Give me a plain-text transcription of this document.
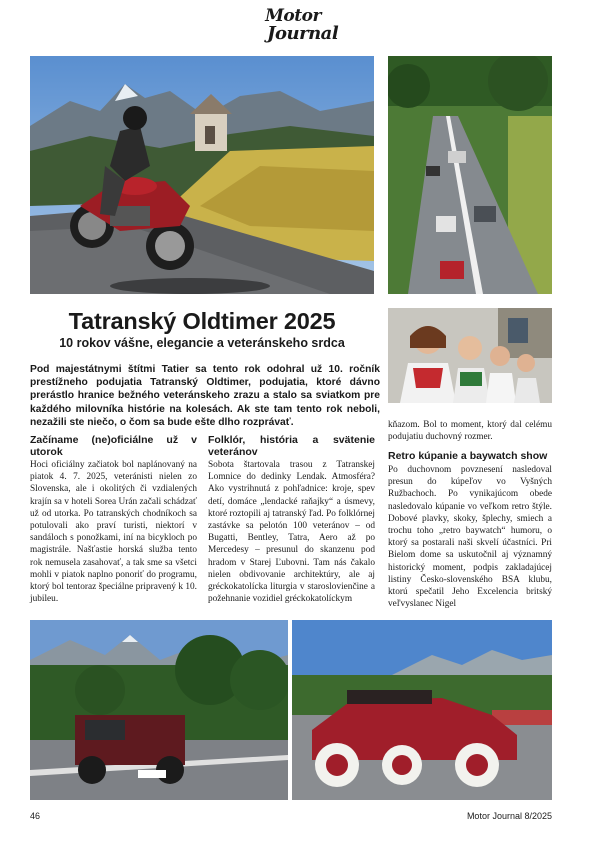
Motor
Journal
Tatranský Oldtimer 2025
10 rokov vášne, elegancie a veteránskeho srdca
Pod majestátnymi štítmi Tatier sa tento rok odohral už 10. ročník prestížneho podujatia Tatranský Oldtimer, podujatia, ktoré dávno prerástlo hranice bežného veteránskeho zrazu a stalo sa sviatkom pre každého milovníka histórie na kolesách. Ak ste tam tento rok neboli, nezažili ste niečo, o čom sa bude ešte dlho rozprávať.
Začíname (ne)oficiálne už v utorok

Hoci oficiálny začiatok bol naplánovaný na piatok 4. 7. 2025, veteránisti nielen zo Slovenska, ale i okolitých či vzdialených krajín sa v hoteli Sorea Urán začali schádzať už od utorka. Po tatranských chodníkoch sa potulovali ako praví turisti, niektorí v sandáloch s ponožkami, iní na bicykloch po magistrále. Našťastie horská služba tento rok nemusela zasahovať, a tak sme sa všetci mohli v piatok naplno ponoriť do programu, ktorý bol tentoraz špeciálne pripravený k 10. jubileu.

Folklór, história a svätenie veteránov

Sobota štartovala trasou z Tatranskej Lomnice do dedinky Lendak. Atmosféra? Ako vystrihnutá z pohľadnice: kroje, spev detí, domáce „lendacké raňajky“ a úsmevy, ktoré roztopili aj tatranský ľad. Po folklórnej zastávke sa pelotón 100 veteránov – od Bugatti, Bentley, Tatra, Aero až po Mercedesy – presunul do skanzenu pod hradom v Starej Ľubovni. Tam nás čakalo nielen obdivovanie architektúry, ale aj gréckokatolícka liturgia v staroslovienčine a požehnanie vozidiel gréckokatolíckym

kňazom. Bol to moment, ktorý dal celému podujatiu duchovný rozmer.

Retro kúpanie a baywatch show

Po duchovnom povznesení nasledoval presun do kúpeľov vo Vyšných Ružbachoch. Po vynikajúcom obede nasledovalo kúpanie vo veľkom retro štýle. Dobové plavky, skoky, šplechy, smiech a trochu toho „retro baywatch“ humoru, o ktorý sa postarali naši skvelí účastníci. Pri Bielom dome sa uskutočnil aj významný historický moment, podpis zakladajúcej listiny Česko-slovenského BSA klubu, ktorú spečatil Jeho Excelencia britský veľvyslanec Nigel

46	Motor Journal 8/2025
